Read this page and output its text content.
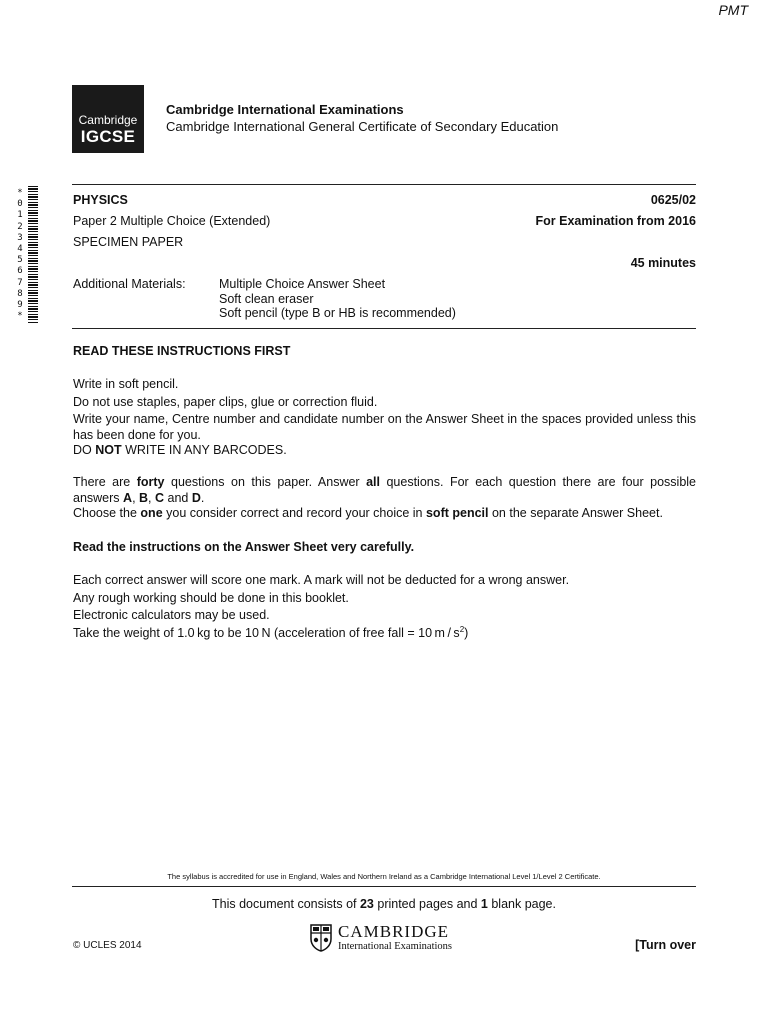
PMT
Cambridge
IGCSE
Cambridge International Examinations
Cambridge International General Certificate of Secondary Education
*
0
1
2
3
4
5
6
7
8
9
*
PHYSICS	0625/02
Paper 2 Multiple Choice (Extended)	For Examination from 2016
SPECIMEN PAPER
45 minutes
Additional Materials:	Multiple Choice Answer Sheet
Soft clean eraser
Soft pencil (type B or HB is recommended)
READ THESE INSTRUCTIONS FIRST

Write in soft pencil.

Do not use staples, paper clips, glue or correction fluid.

Write your name, Centre number and candidate number on the Answer Sheet in the spaces provided unless this has been done for you.

DO NOT WRITE IN ANY BARCODES.

There are forty questions on this paper. Answer all questions. For each question there are four possible answers A, B, C and D.

Choose the one you consider correct and record your choice in soft pencil on the separate Answer Sheet.

Read the instructions on the Answer Sheet very carefully.

Each correct answer will score one mark. A mark will not be deducted for a wrong answer.

Any rough working should be done in this booklet.

Electronic calculators may be used.

Take the weight of 1.0 kg to be 10 N (acceleration of free fall = 10 m / $s^2$)

The syllabus is accredited for use in England, Wales and Northern Ireland as a Cambridge International Level 1/Level 2 Certificate.
This document consists of 23 printed pages and 1 blank page.
© UCLES 2014
CAMBRIDGE
International Examinations	[Turn over
